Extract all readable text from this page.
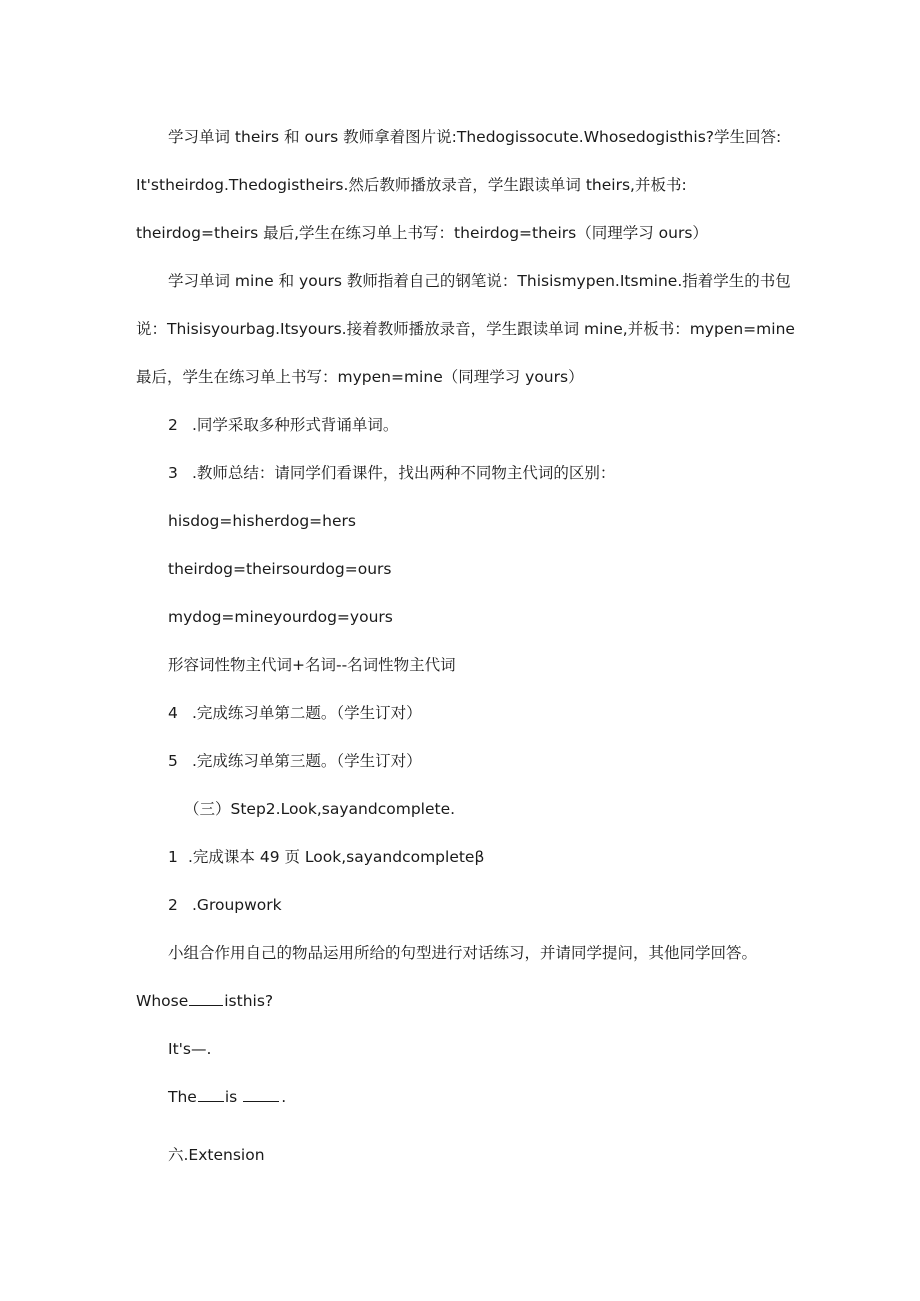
学习单词 theirs 和 ours 教师拿着图片说:Thedogissocute.Whosedogisthis?学生回答:
It'stheirdog.Thedogistheirs.然后教师播放录音，学生跟读单词 theirs,并板书:
theirdog=theirs 最后,学生在练习单上书写：theirdog=theirs（同理学习 ours）
学习单词 mine 和 yours 教师指着自己的钢笔说：Thisismypen.Itsmine.指着学生的书包
说：Thisisyourbag.Itsyours.接着教师播放录音，学生跟读单词 mine,并板书：mypen=mine
最后，学生在练习单上书写：mypen=mine（同理学习 yours）
2 .同学采取多种形式背诵单词。
3 .教师总结：请同学们看课件，找出两种不同物主代词的区别：
hisdog=hisherdog=hers
theirdog=theirsourdog=ours
mydog=mineyourdog=yours
形容词性物主代词+名词--名词性物主代词
4 .完成练习单第二题。（学生订对）
5 .完成练习单第三题。（学生订对）
（三）Step2.Look,sayandcomplete.
1 .完成课本 49 页 Look,sayandcompleteβ
2 .Groupwork
小组合作用自己的物品运用所给的句型进行对话练习，并请同学提问，其他同学回答。
Whose isthis?
It's—.
The is	.
六.Extension
